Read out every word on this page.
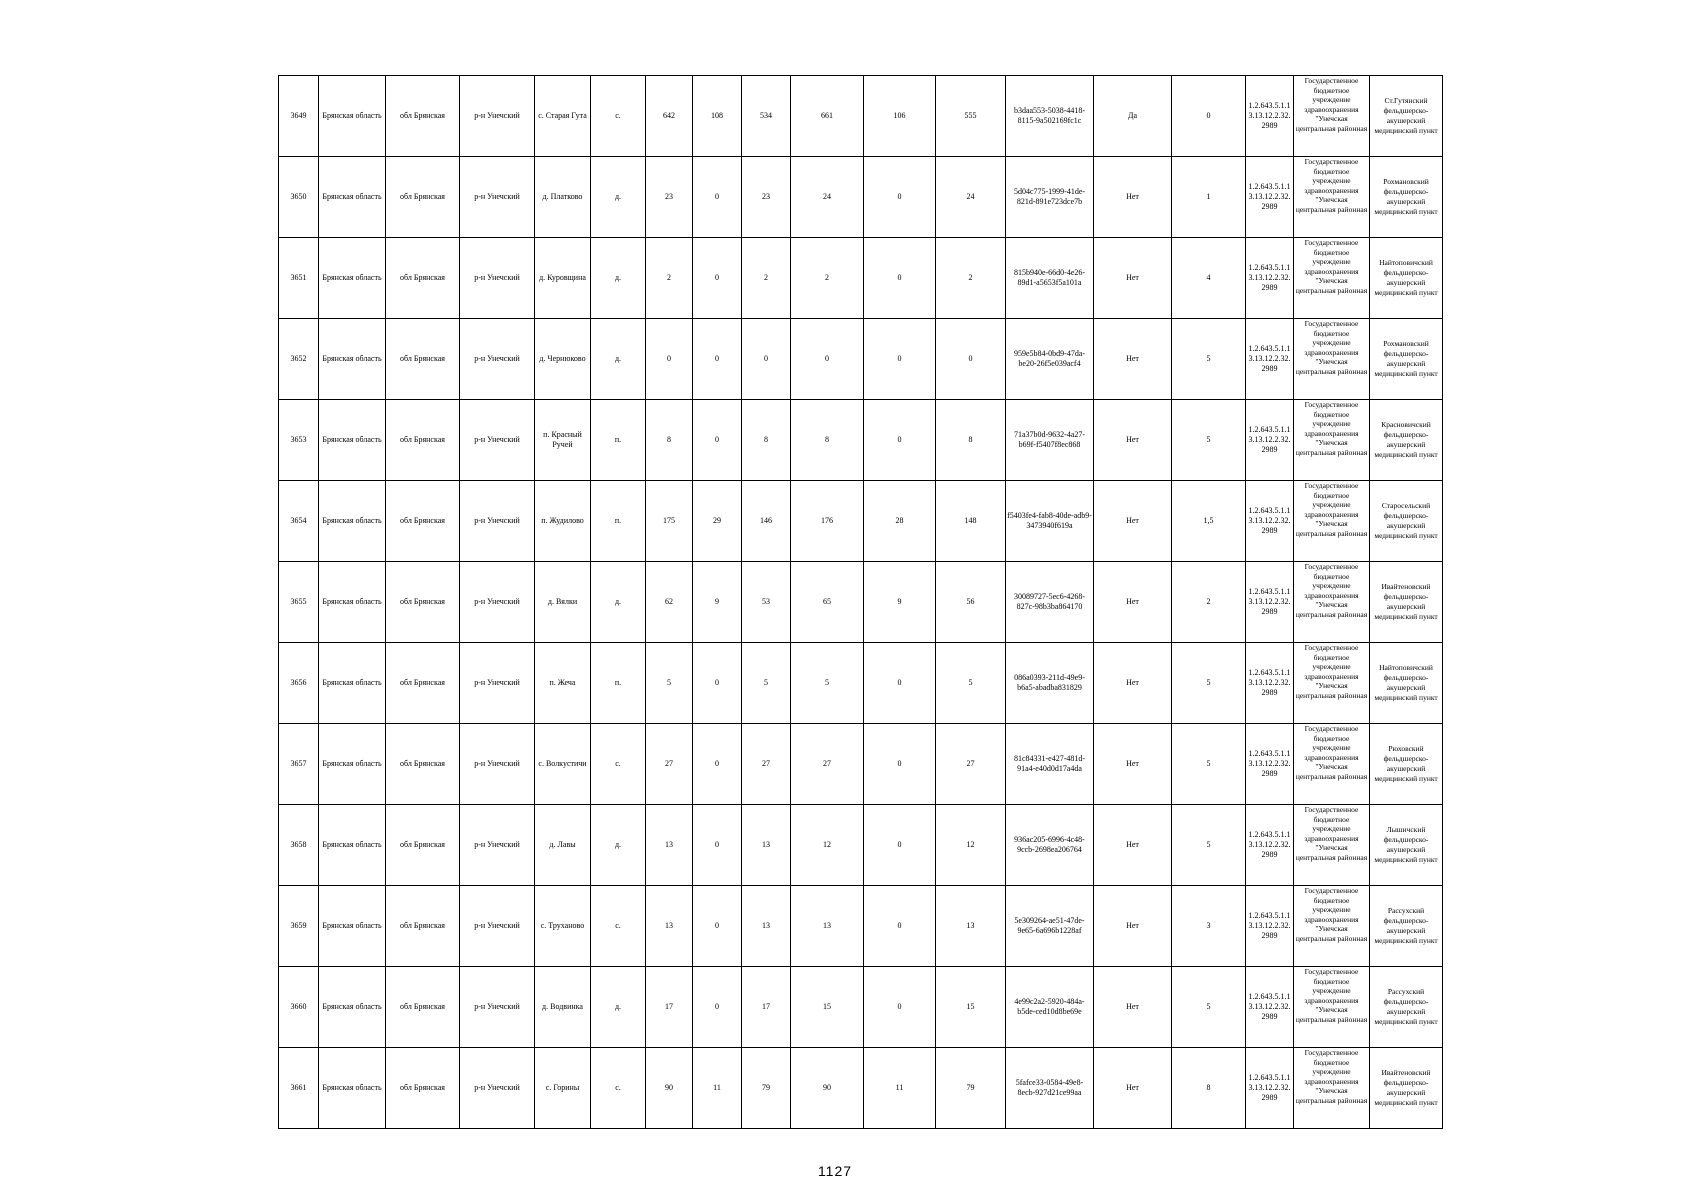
3649	Брянская область	обл Брянская	р-н Унечский	с. Старая Гута	с.	642	108	534	661	106	555	b3daa553-5038-4418-8115-9a502169fc1c	Да	0	1.2.643.5.1.13.13.12.2.32.2989	Государственное бюджетное учреждение здравоохранения "Унечская центральная районная	Ст.Гутянский фельдшерско-акушерский медицинский пункт
3650	Брянская область	обл Брянская	р-н Унечский	д. Платково	д.	23	0	23	24	0	24	5d04c775-1999-41de-821d-891e723dce7b	Нет	1	1.2.643.5.1.13.13.12.2.32.2989	Государственное бюджетное учреждение здравоохранения "Унечская центральная районная	Рохмановский фельдшерско-акушерский медицинский пункт
3651	Брянская область	обл Брянская	р-н Унечский	д. Куровщина	д.	2	0	2	2	0	2	815b940e-66d0-4e26-89d1-a5653f5a101a	Нет	4	1.2.643.5.1.13.13.12.2.32.2989	Государственное бюджетное учреждение здравоохранения "Унечская центральная районная	Найтоповичский фельдшерско-акушерский медицинский пункт
3652	Брянская область	обл Брянская	р-н Унечский	д. Чернюково	д.	0	0	0	0	0	0	959e5b84-0bd9-47da-be20-26f5e039acf4	Нет	5	1.2.643.5.1.13.13.12.2.32.2989	Государственное бюджетное учреждение здравоохранения "Унечская центральная районная	Рохмановский фельдшерско-акушерский медицинский пункт
3653	Брянская область	обл Брянская	р-н Унечский	п. Красный Ручей	п.	8	0	8	8	0	8	71a37b0d-9632-4a27-b69f-f5407f8ec868	Нет	5	1.2.643.5.1.13.13.12.2.32.2989	Государственное бюджетное учреждение здравоохранения "Унечская центральная районная	Красновичский фельдшерско-акушерский медицинский пункт
3654	Брянская область	обл Брянская	р-н Унечский	п. Жудилово	п.	175	29	146	176	28	148	f5403fe4-fab8-40de-adb9-3473940f619a	Нет	1,5	1.2.643.5.1.13.13.12.2.32.2989	Государственное бюджетное учреждение здравоохранения "Унечская центральная районная	Старосельский фельдшерско-акушерский медицинский пункт
3655	Брянская область	обл Брянская	р-н Унечский	д. Вялки	д.	62	9	53	65	9	56	30089727-5ec6-4268-827c-98b3ba864170	Нет	2	1.2.643.5.1.13.13.12.2.32.2989	Государственное бюджетное учреждение здравоохранения "Унечская центральная районная	Ивайтеновский фельдшерско-акушерский медицинский пункт
3656	Брянская область	обл Брянская	р-н Унечский	п. Жеча	п.	5	0	5	5	0	5	086a0393-211d-49e9-b6a5-abadba831829	Нет	5	1.2.643.5.1.13.13.12.2.32.2989	Государственное бюджетное учреждение здравоохранения "Унечская центральная районная	Найтоповичский фельдшерско-акушерский медицинский пункт
3657	Брянская область	обл Брянская	р-н Унечский	с. Волкустичи	с.	27	0	27	27	0	27	81c84331-e427-481d-91a4-e40d0d17a4da	Нет	5	1.2.643.5.1.13.13.12.2.32.2989	Государственное бюджетное учреждение здравоохранения "Унечская центральная районная	Рюховский фельдшерско-акушерский медицинский пункт
3658	Брянская область	обл Брянская	р-н Унечский	д. Лавы	д.	13	0	13	12	0	12	936ac205-6996-4c48-9ccb-2698ea206764	Нет	5	1.2.643.5.1.13.13.12.2.32.2989	Государственное бюджетное учреждение здравоохранения "Унечская центральная районная	Лышичский фельдшерско-акушерский медицинский пункт
3659	Брянская область	обл Брянская	р-н Унечский	с. Труханово	с.	13	0	13	13	0	13	5e309264-ae51-47de-9e65-6a696b1228af	Нет	3	1.2.643.5.1.13.13.12.2.32.2989	Государственное бюджетное учреждение здравоохранения "Унечская центральная районная	Рассухский фельдшерско-акушерский медицинский пункт
3660	Брянская область	обл Брянская	р-н Унечский	д. Водвинка	д.	17	0	17	15	0	15	4e99c2a2-5920-484a-b5de-ced10d8be69e	Нет	5	1.2.643.5.1.13.13.12.2.32.2989	Государственное бюджетное учреждение здравоохранения "Унечская центральная районная	Рассухский фельдшерско-акушерский медицинский пункт
3661	Брянская область	обл Брянская	р-н Унечский	с. Горины	с.	90	11	79	90	11	79	5fafce33-0584-49e8-8ecb-927d21ce99aa	Нет	8	1.2.643.5.1.13.13.12.2.32.2989	Государственное бюджетное учреждение здравоохранения "Унечская центральная районная	Ивайтеновский фельдшерско-акушерский медицинский пункт
1127
